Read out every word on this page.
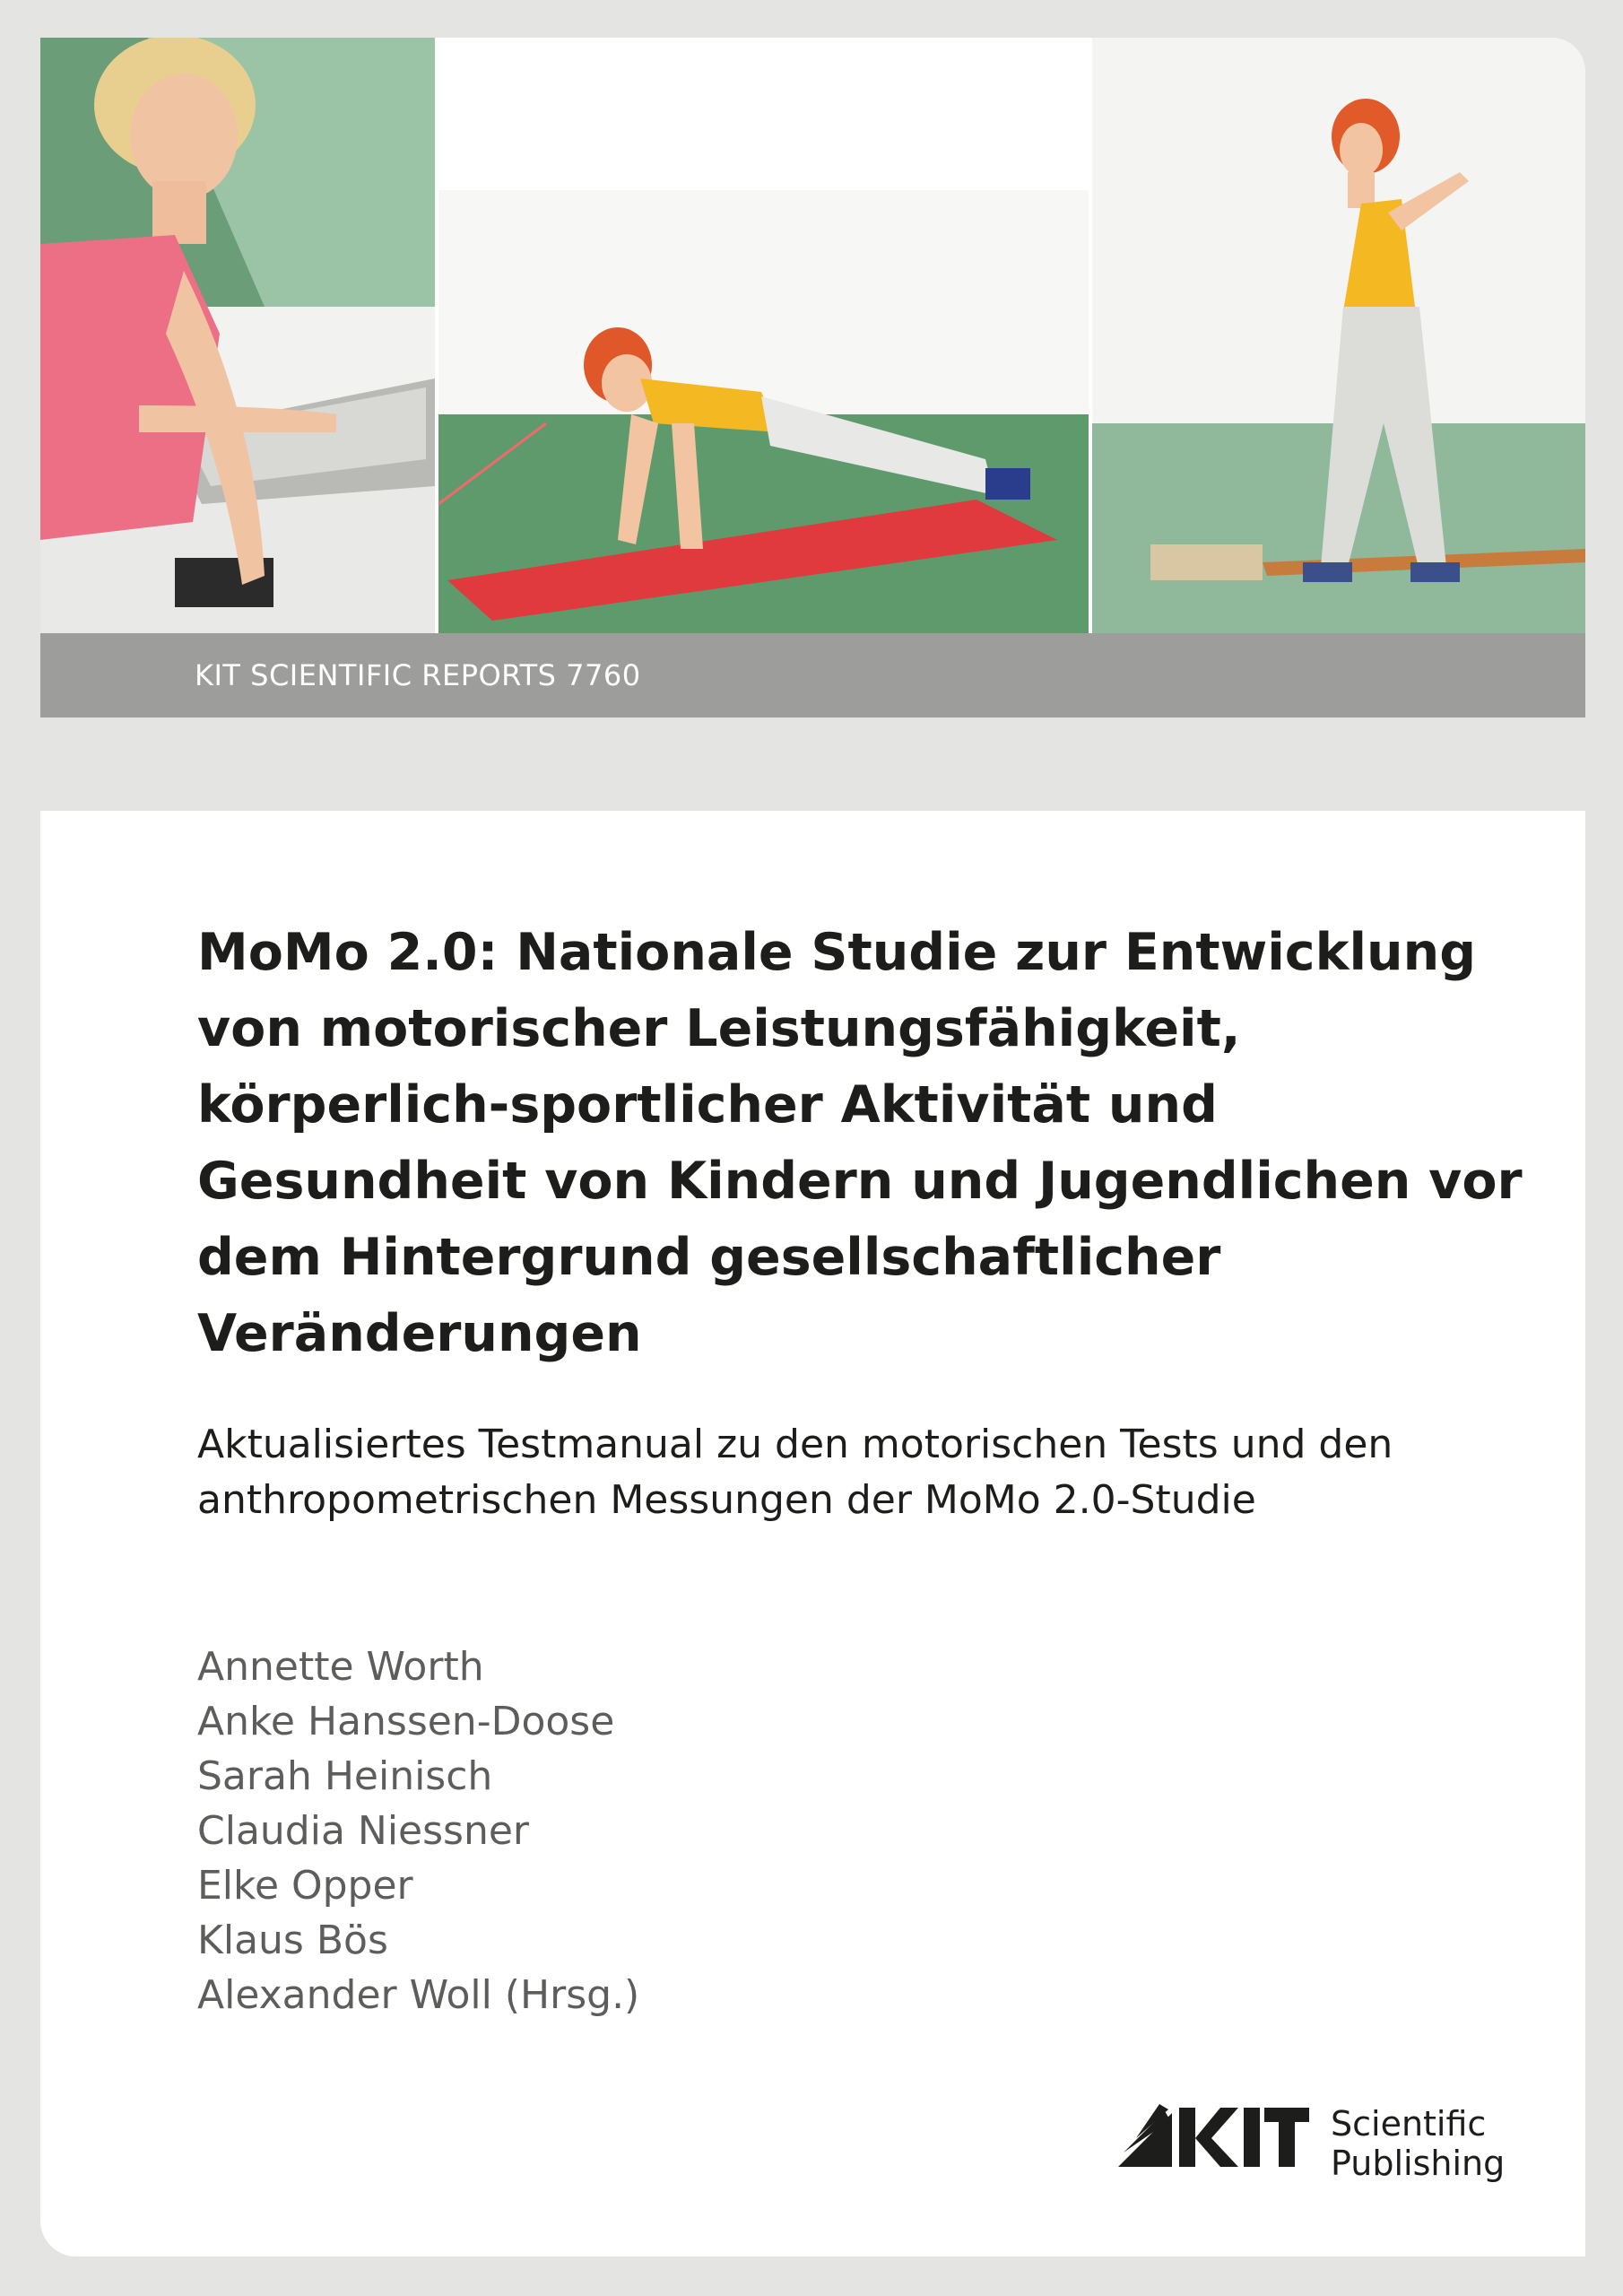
KIT SCIENTIFIC REPORTS 7760
MoMo 2.0: Nationale Studie zur Entwicklung von motorischer Leistungsfähigkeit, körperlich-sportlicher Aktivität und Gesundheit von Kindern und Jugendlichen vor dem Hintergrund gesellschaftlicher Veränderungen

Aktualisiertes Testmanual zu den motorischen Tests und den anthropometrischen Messungen der MoMo 2.0-Studie

Annette Worth
Anke Hanssen-Doose
Sarah Heinisch
Claudia Niessner
Elke Opper
Klaus Bös
Alexander Woll (Hrsg.)
KIT
Scientific
Publishing
